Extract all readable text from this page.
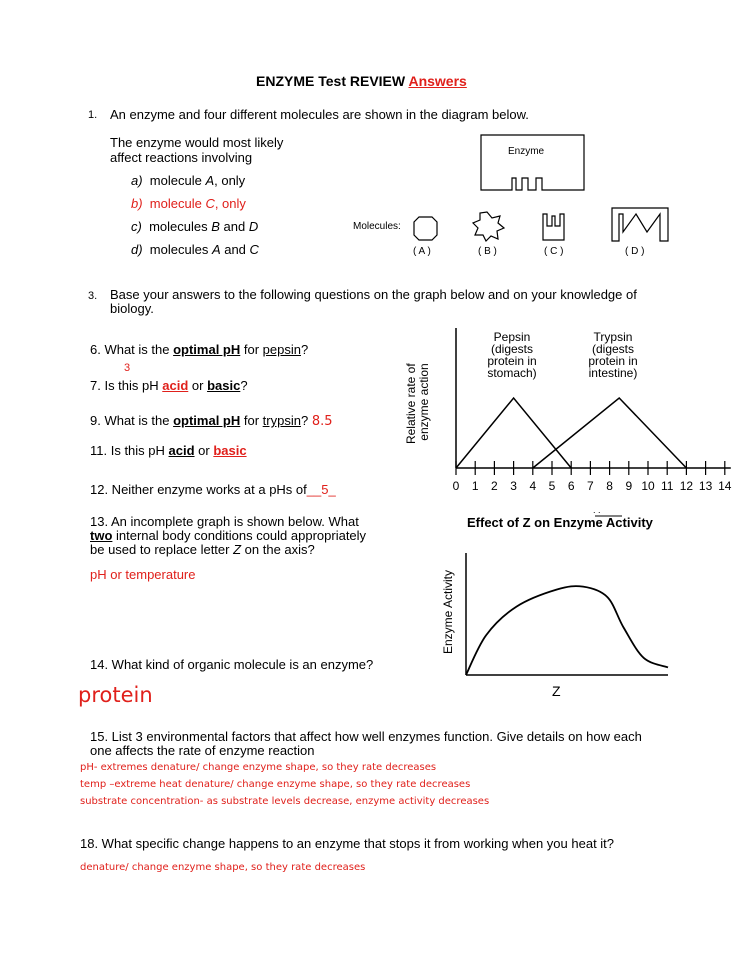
ENZYME Test REVIEW Answers
1. An enzyme and four different molecules are shown in the diagram below.
The enzyme would most likely
affect reactions involving
a) molecule A, only
b) molecule C, only
c) molecules B and D
d) molecules A and C
Enzyme
Molecules:
( A )	( B )	( C )	( D )
3. Base your answers to the following questions on the graph below and on your knowledge of
biology.
6. What is the optimal pH for pepsin?
3
7. Is this pH acid or basic?
9. What is the optimal pH for trypsin? 8.5
11. Is this pH acid or basic
12. Neither enzyme works at a pHs of__5_
13. An incomplete graph is shown below. What
two internal body conditions could appropriately
be used to replace letter Z on the axis?
pH or temperature
14. What kind of organic molecule is an enzyme?
protein
15. List 3 environmental factors that affect how well enzymes function. Give details on how each
one affects the rate of enzyme reaction
pH- extremes denature/ change enzyme shape, so they rate decreases
temp –extreme heat denature/ change enzyme shape, so they rate decreases
substrate concentration- as substrate levels decrease, enzyme activity decreases
18. What specific change happens to an enzyme that stops it from working when you heat it?
denature/ change enzyme shape, so they rate decreases
0 1 2 3 4 5 6 7 8 9 10 11 12 13 14
Relative rate of enzyme action
Pepsin
(digests
protein in
stomach)
Trypsin
(digests
protein in
intestine)
Effect of Z on Enzyme Activity
. .
Enzyme Activity
Z
